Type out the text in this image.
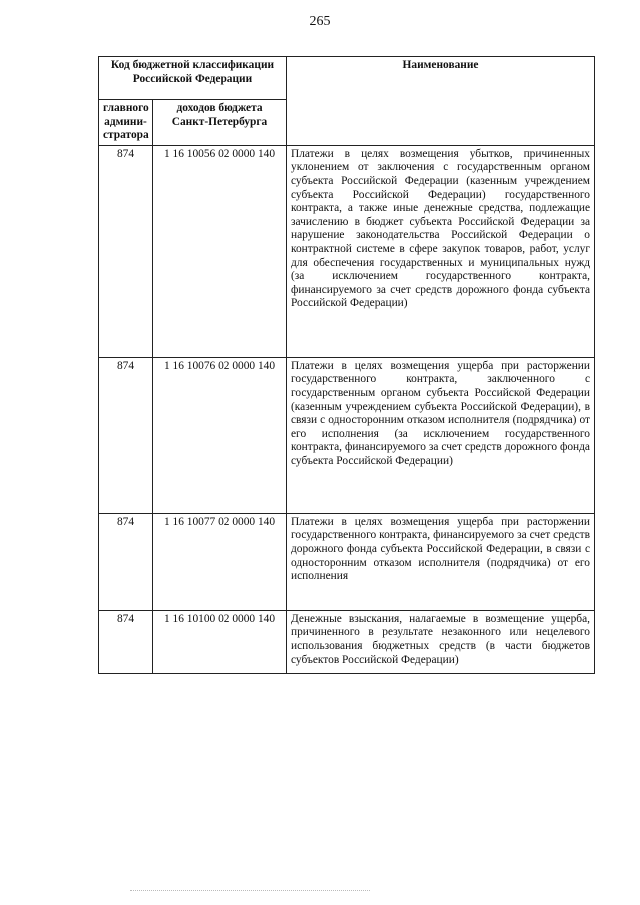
265
Код бюджетной классификации Российской Федерации		Наименование
главного админи-стратора	доходов бюджета Санкт-Петербурга	
874	1 16 10056 02 0000 140	Платежи в целях возмещения убытков, причиненных уклонением от заключения с государственным органом субъекта Российской Федерации (казенным учреждением субъекта Российской Федерации) государственного контракта, а также иные денежные средства, подлежащие зачислению в бюджет субъекта Российской Федерации за нарушение законодательства Российской Федерации о контрактной системе в сфере закупок товаров, работ, услуг для обеспечения государственных и муниципальных нужд (за исключением государственного контракта, финансируемого за счет средств дорожного фонда субъекта Российской Федерации)
874	1 16 10076 02 0000 140	Платежи в целях возмещения ущерба при расторжении государственного контракта, заключенного с государственным органом субъекта Российской Федерации (казенным учреждением субъекта Российской Федерации), в связи с односторонним отказом исполнителя (подрядчика) от его исполнения (за исключением государственного контракта, финансируемого за счет средств дорожного фонда субъекта Российской Федерации)
874	1 16 10077 02 0000 140	Платежи в целях возмещения ущерба при расторжении государственного контракта, финансируемого за счет средств дорожного фонда субъекта Российской Федерации, в связи с односторонним отказом исполнителя (подрядчика) от его исполнения
874	1 16 10100 02 0000 140	Денежные взыскания, налагаемые в возмещение ущерба, причиненного в результате незаконного или нецелевого использования бюджетных средств (в части бюджетов субъектов Российской Федерации)
